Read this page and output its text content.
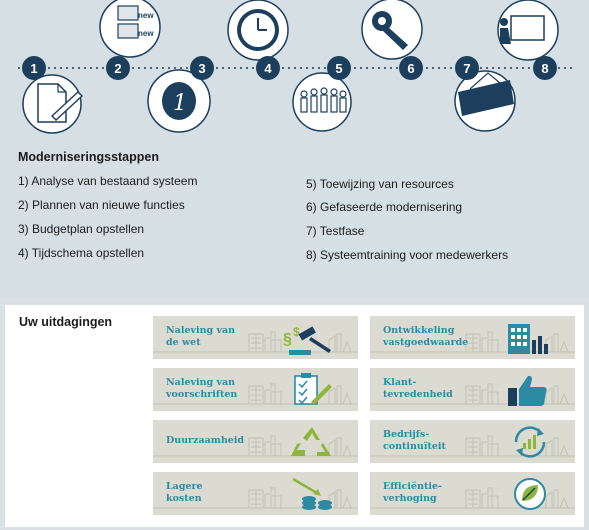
new
new
1
1	2	3	4	5	6	7	8
Moderniseringsstappen
1) Analyse van bestaand systeem
2) Plannen van nieuwe functies
3) Budgetplan opstellen
4) Tijdschema opstellen
5) Toewijzing van resources
6) Gefaseerde modernisering
7) Testfase
8) Systeemtraining voor medewerkers
Uw uitdagingen
§ $
Naleving van
de wet
Ontwikkeling
vastgoedwaarde
Naleving van
voorschriften
Klant-
tevredenheid
Duurzaamheid
Bedrijfs-
continuïteit
Lagere
kosten
Efficiëntie-
verhoging
